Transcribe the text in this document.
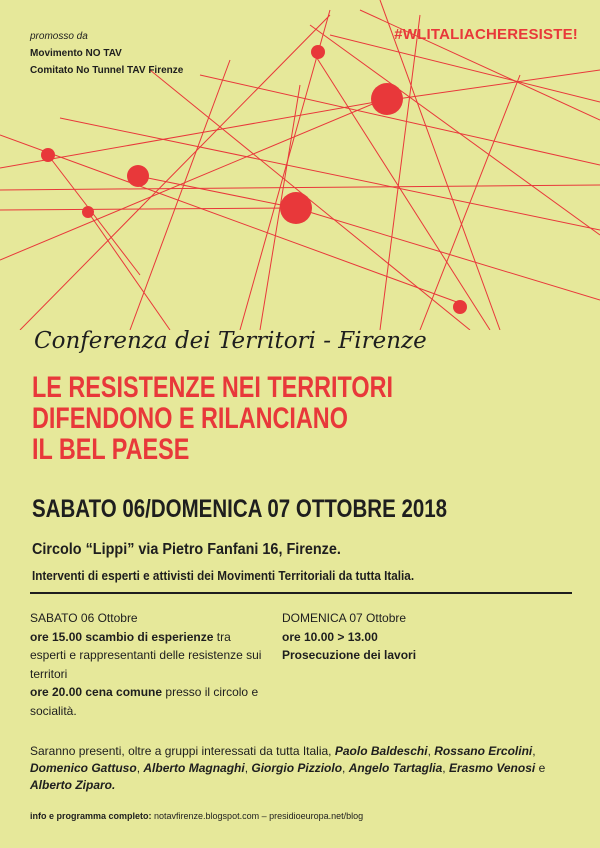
promosso da
Movimento NO TAV
Comitato No Tunnel TAV Firenze
#WLITALIACHERESISTE!
Conferenza dei Territori - Firenze
LE RESISTENZE NEI TERRITORI
DIFENDONO E RILANCIANO
IL BEL PAESE
SABATO 06/DOMENICA 07 OTTOBRE 2018
Circolo “Lippi” via Pietro Fanfani 16, Firenze.
Interventi di esperti e attivisti dei Movimenti Territoriali da tutta Italia.
SABATO 06 Ottobre
ore 15.00 scambio di esperienze tra esperti e rappresentanti delle resistenze sui territori
ore 20.00 cena comune presso il circolo e socialità.
DOMENICA 07 Ottobre
ore 10.00 > 13.00
Prosecuzione dei lavori
Saranno presenti, oltre a gruppi interessati da tutta Italia, Paolo Baldeschi, Rossano Ercolini, Domenico Gattuso, Alberto Magnaghi, Giorgio Pizziolo, Angelo Tartaglia, Erasmo Venosi e Alberto Ziparo.
info e programma completo: notavfirenze.blogspot.com – presidioeuropa.net/blog
